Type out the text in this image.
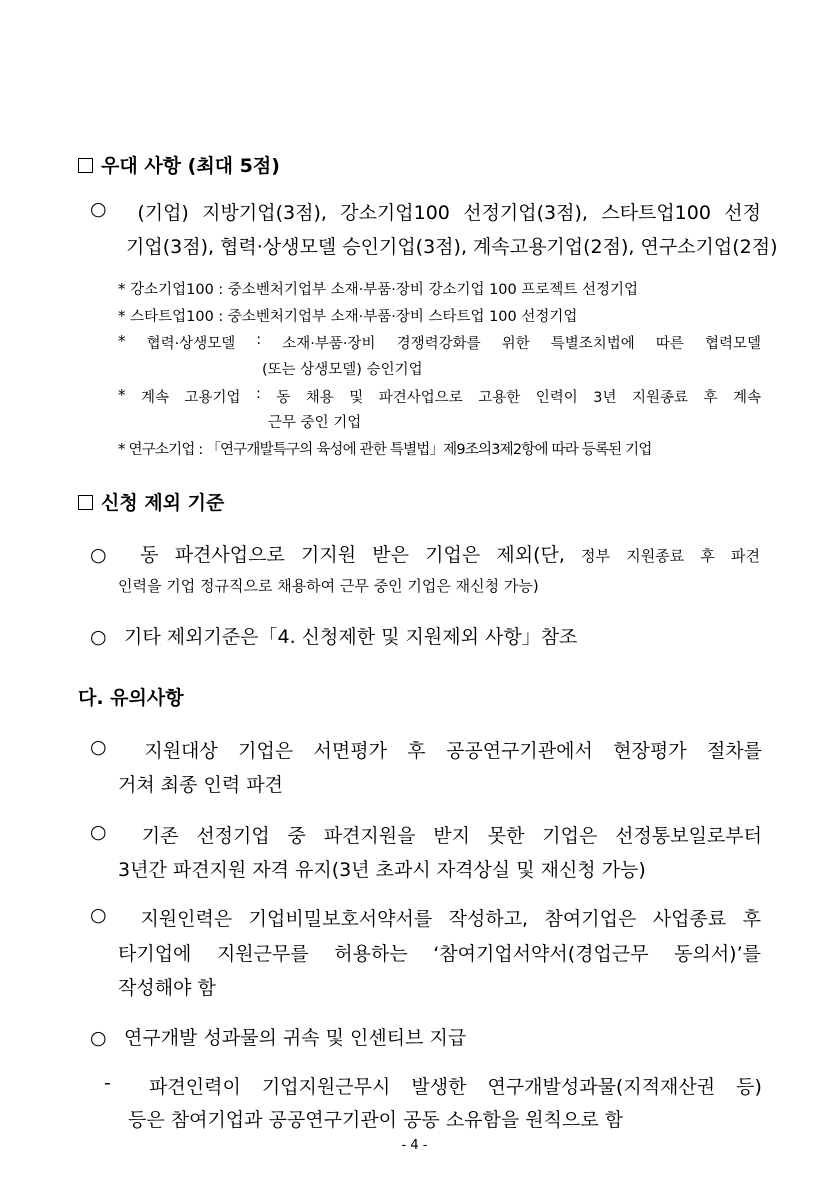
우대 사항 (최대 5점)
○	(기업) 지방기업(3점), 강소기업100 선정기업(3점), 스타트업100 선정
기업(3점), 협력·상생모델 승인기업(3점), 계속고용기업(2점), 연구소기업(2점)
* 강소기업100 : 중소벤처기업부 소재·부품·장비 강소기업 100 프로젝트 선정기업
* 스타트업100 : 중소벤처기업부 소재·부품·장비 스타트업 100 선정기업
* 협력·상생모델 : 소재·부품·장비 경쟁력강화를 위한 특별조치법에 따른 협력모델
(또는 상생모델) 승인기업
* 계속 고용기업 : 동 채용 및 파견사업으로 고용한 인력이 3년 지원종료 후 계속
근무 중인 기업
* 연구소기업 : 「연구개발특구의 육성에 관한 특별법」제9조의3제2항에 따라 등록된 기업
신청 제외 기준
○	동 파견사업으로 기지원 받은 기업은 제외(단, 정부 지원종료 후 파견
인력을 기업 정규직으로 채용하여 근무 중인 기업은 재신청 가능)
○ 기타 제외기준은「4. 신청제한 및 지원제외 사항」참조
다. 유의사항
○	지원대상 기업은 서면평가 후 공공연구기관에서 현장평가 절차를
거쳐 최종 인력 파견
○	기존 선정기업 중 파견지원을 받지 못한 기업은 선정통보일로부터
3년간 파견지원 자격 유지(3년 초과시 자격상실 및 재신청 가능)
○	지원인력은 기업비밀보호서약서를 작성하고, 참여기업은 사업종료 후
타기업에 지원근무를 허용하는 ‘참여기업서약서(경업근무 동의서)’를
작성해야 함
○ 연구개발 성과물의 귀속 및 인센티브 지급
-	파견인력이 기업지원근무시 발생한 연구개발성과물(지적재산권 등)
등은 참여기업과 공공연구기관이 공동 소유함을 원칙으로 함
- 4 -
